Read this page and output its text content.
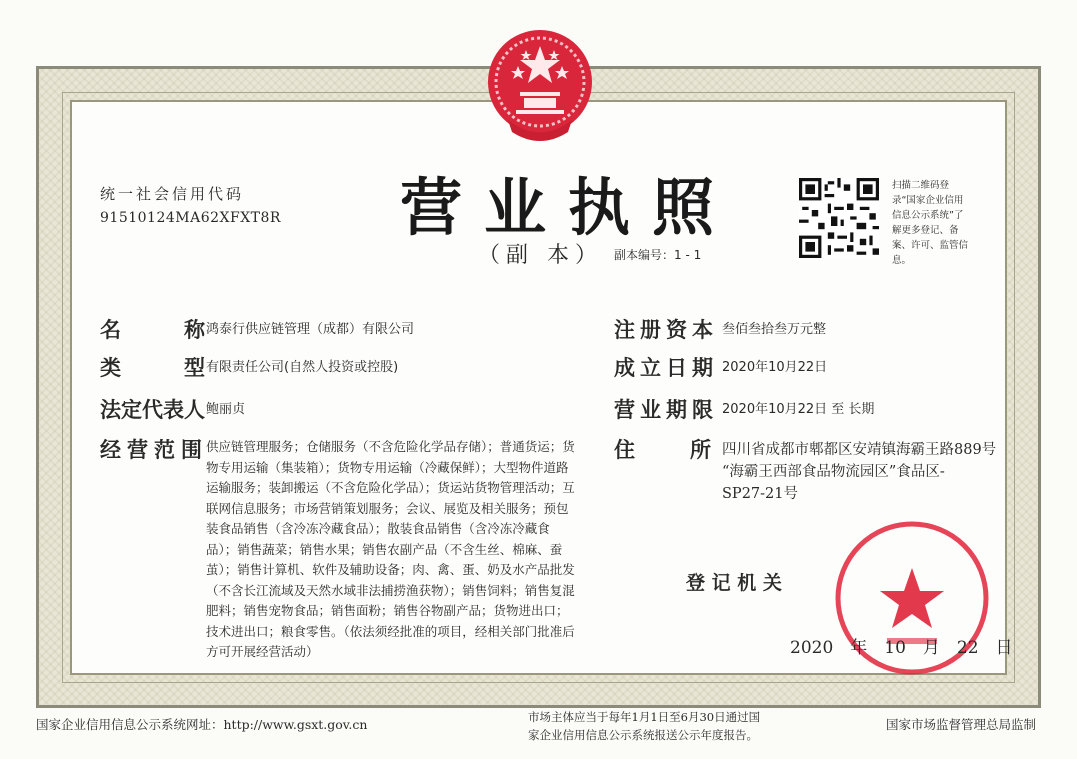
统一社会信用代码
91510124MA62XFXT8R 营业执照
（副 本） 副本编号：1 - 1
扫描二维码登录“国家企业信用信息公示系统”了解更多登记、备案、许可、监管信息。
名　　　称 鸿泰行供应链管理（成都）有限公司
类　　　型 有限责任公司(自然人投资或控股)
法定代表人 鲍丽贞
经营范围
供应链管理服务；仓储服务（不含危险化学品存储）；普通货运；货物专用运输（集装箱）；货物专用运输（冷藏保鲜）；大型物件道路运输服务；装卸搬运（不含危险化学品）；货运站货物管理活动；互联网信息服务；市场营销策划服务；会议、展览及相关服务；预包装食品销售（含冷冻冷藏食品）；散装食品销售（含冷冻冷藏食品）；销售蔬菜；销售水果；销售农副产品（不含生丝、棉麻、蚕茧）；销售计算机、软件及辅助设备；肉、禽、蛋、奶及水产品批发（不含长江流域及天然水域非法捕捞渔获物）；销售饲料；销售复混肥料；销售宠物食品；销售面粉；销售谷物副产品；货物进出口；技术进出口；粮食零售。（依法须经批准的项目，经相关部门批准后方可开展经营活动）
注册资本 叁佰叁拾叁万元整
成立日期 2020年10月22日
营业期限 2020年10月22日 至 长期
住	所 四川省成都市郫都区安靖镇海霸王路889号
“海霸王西部食品物流园区”食品区-
SP27-21号
登 记 机 关
2020　年　10　月　22　日
国家企业信用信息公示系统网址：http://www.gsxt.gov.cn	市场主体应当于每年1月1日至6月30日通过国
家企业信用信息公示系统报送公示年度报告。
国家市场监督管理总局监制
